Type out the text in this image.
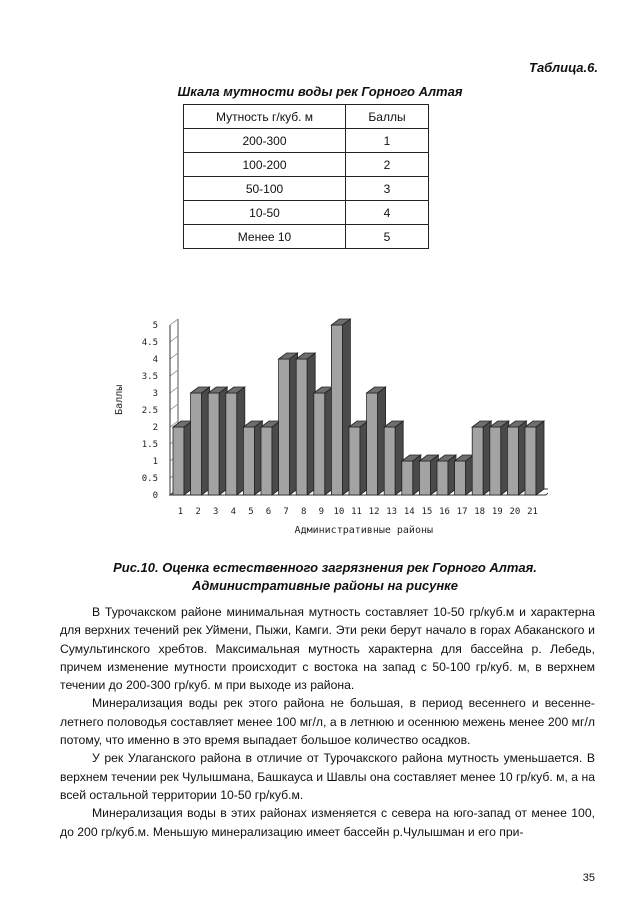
Таблица.6.
Шкала мутности воды рек Горного Алтая
Мутность г/куб. м	Баллы
200-300	1
100-200	2
50-100	3
10-50	4
Менее 10	5
0
0.5
1
1.5
2
2.5
3
3.5
4
4.5
5
1 2 3 4 5 6 7 8 9 10 11 12 13 14 15 16 17 18 19 20 21
Административные районы
Баллы
Рис.10. Оценка естественного загрязнения рек Горного Алтая. Административные районы на рисунке

В Турочакском районе минимальная мутность составляет 10-50 гр/куб.м и характерна для верхних течений рек Уймени, Пыжи, Камги. Эти реки берут начало в горах Абаканского и Сумультинского хребтов. Максимальная мутность характерна для бассейна р. Лебедь, причем изменение мутности происходит с востока на запад с 50-100 гр/куб. м, в верхнем течении до 200-300 гр/куб. м при выходе из района.

Минерализация воды рек этого района не большая, в период весеннего и весенне-летнего половодья составляет менее 100 мг/л, а в летнюю и осеннюю межень менее 200 мг/л потому, что именно в это время выпадает большое количество осадков.

У рек Улаганского района в отличие от Турочакского района мутность уменьшается. В верхнем течении рек Чулышмана, Башкауса и Шавлы она составляет менее 10 гр/куб. м, а на всей остальной территории 10-50 гр/куб.м.

Минерализация воды в этих районах изменяется с севера на юго-запад от менее 100, до 200 гр/куб.м. Меньшую минерализацию имеет бассейн р.Чулышман и его при-

35
